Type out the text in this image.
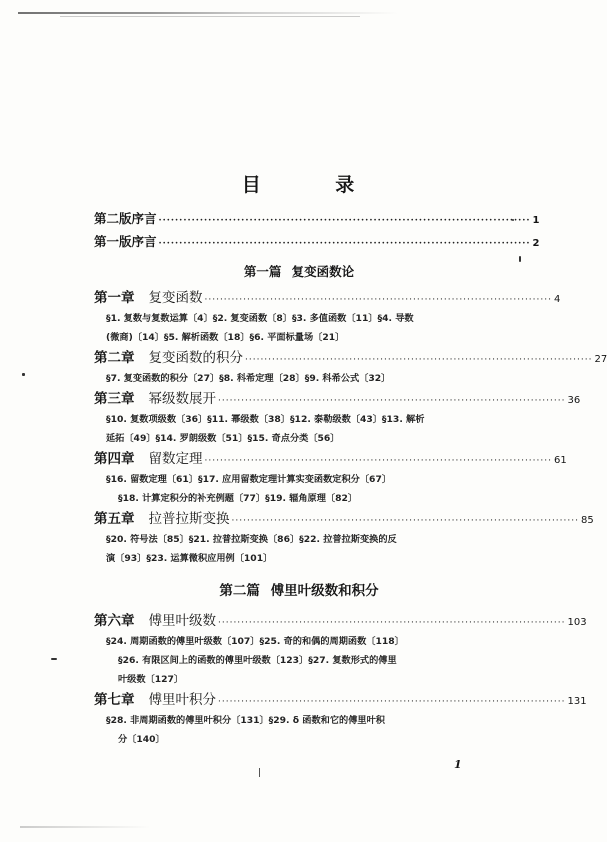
目 录
第二版序言 ·························································································· 1
第一版序言 ·························································································· 2
第一篇 复变函数论
第一章 复变函数 ·························································································· 4
§1. 复数与复数运算〔4〕§2. 复变函数〔8〕§3. 多值函数〔11〕§4. 导数
(微商)〔14〕§5. 解析函数〔18〕§6. 平面标量场〔21〕
第二章 复变函数的积分 ·························································································· 27
§7. 复变函数的积分〔27〕§8. 科希定理〔28〕§9. 科希公式〔32〕
第三章 幂级数展开 ·························································································· 36
§10. 复数项级数〔36〕§11. 幂级数〔38〕§12. 泰勒级数〔43〕§13. 解析
延拓〔49〕§14. 罗朗级数〔51〕§15. 奇点分类〔56〕
第四章 留数定理 ·························································································· 61
§16. 留数定理〔61〕§17. 应用留数定理计算实变函数定积分〔67〕
§18. 计算定积分的补充例题〔77〕§19. 辐角原理〔82〕
第五章 拉普拉斯变换 ·························································································· 85
§20. 符号法〔85〕§21. 拉普拉斯变换〔86〕§22. 拉普拉斯变换的反
演〔93〕§23. 运算微积应用例〔101〕
第二篇 傅里叶级数和积分
第六章 傅里叶级数 ·························································································· 103
§24. 周期函数的傅里叶级数〔107〕§25. 奇的和偶的周期函数〔118〕
§26. 有限区间上的函数的傅里叶级数〔123〕§27. 复数形式的傅里
叶级数〔127〕
第七章 傅里叶积分 ·························································································· 131
§28. 非周期函数的傅里叶积分〔131〕§29. δ 函数和它的傅里叶积
分〔140〕
1
